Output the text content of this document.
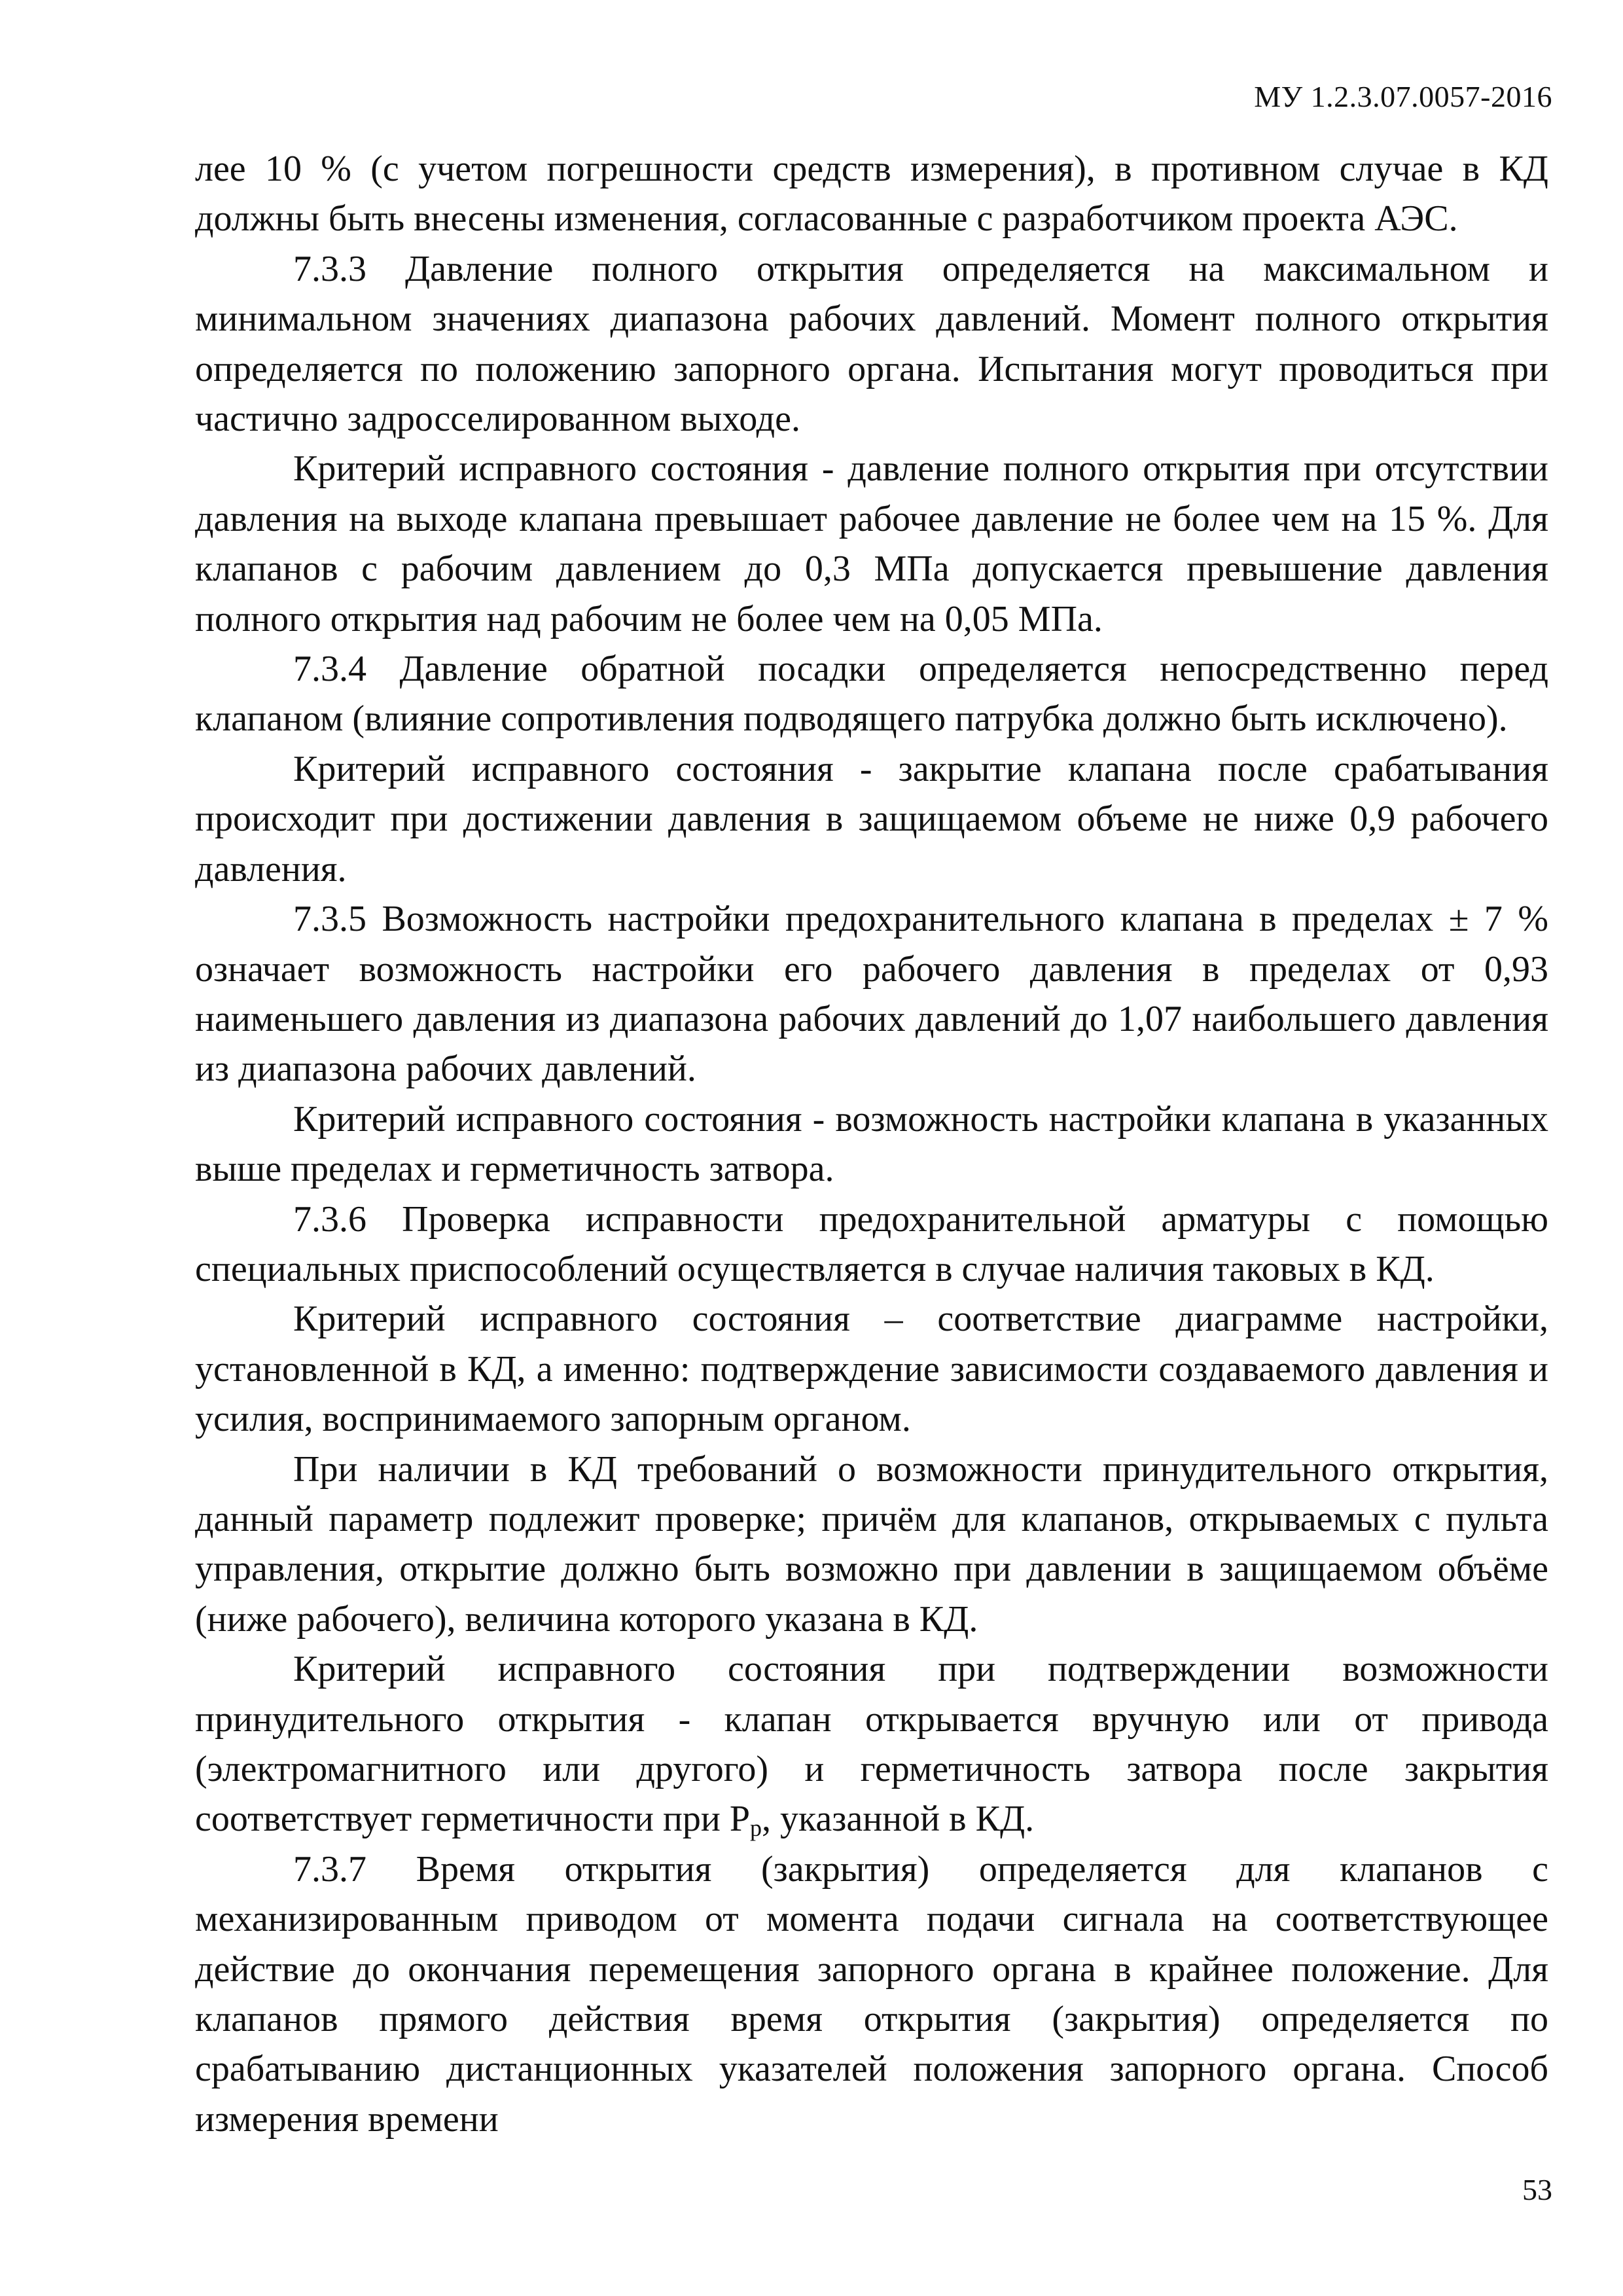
МУ 1.2.3.07.0057-2016

лее 10 % (с учетом погрешности средств измерения), в противном случае в КД должны быть внесены изменения, согласованные с разработчиком проекта АЭС.

7.3.3 Давление полного открытия определяется на максимальном и минимальном значениях диапазона рабочих давлений. Момент полного открытия определяется по положению запорного органа. Испытания могут проводиться при частично задросселированном выходе.

Критерий исправного состояния - давление полного открытия при отсутствии давления на выходе клапана превышает рабочее давление не более чем на 15 %. Для клапанов с рабочим давлением до 0,3 МПа допускается превышение давления полного открытия над рабочим не более чем на 0,05 МПа.

7.3.4 Давление обратной посадки определяется непосредственно перед клапаном (влияние сопротивления подводящего патрубка должно быть исключено).

Критерий исправного состояния - закрытие клапана после срабатывания происходит при достижении давления в защищаемом объеме не ниже 0,9 рабочего давления.

7.3.5 Возможность настройки предохранительного клапана в пределах ± 7 % означает возможность настройки его рабочего давления в пределах от 0,93 наименьшего давления из диапазона рабочих давлений до 1,07 наибольшего давления из диапазона рабочих давлений.

Критерий исправного состояния - возможность настройки клапана в указанных выше пределах и герметичность затвора.

7.3.6 Проверка исправности предохранительной арматуры с помощью специальных приспособлений осуществляется в случае наличия таковых в КД.

Критерий исправного состояния – соответствие диаграмме настройки, установленной в КД, а именно: подтверждение зависимости создаваемого давления и усилия, воспринимаемого запорным органом.

При наличии в КД требований о возможности принудительного открытия, данный параметр подлежит проверке; причём для клапанов, открываемых с пульта управления, открытие должно быть возможно при давлении в защищаемом объёме (ниже рабочего), величина которого указана в КД.

Критерий исправного состояния при подтверждении возможности принудительного открытия - клапан открывается вручную или от привода (электромагнитного или другого) и герметичность затвора после закрытия соответствует герметичности при $Р_р$, указанной в КД.

7.3.7 Время открытия (закрытия) определяется для клапанов с механизированным приводом от момента подачи сигнала на соответствующее действие до окончания перемещения запорного органа в крайнее положение. Для клапанов прямого действия время открытия (закрытия) определяется по срабатыванию дистанционных указателей положения запорного органа. Способ измерения времени

53
